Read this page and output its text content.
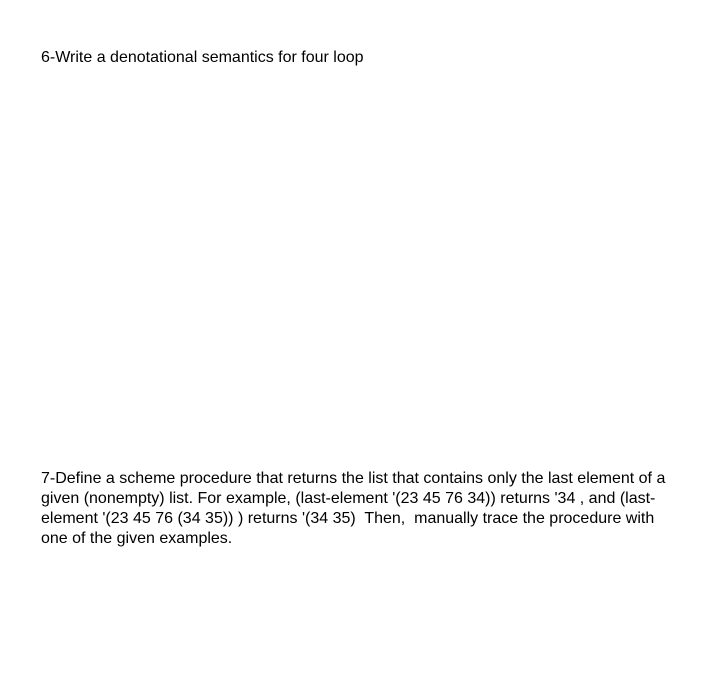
6-Write a denotational semantics for four loop

7-Define a scheme procedure that returns the list that contains only the last element of a
given (nonempty) list. For example, (last-element '(23 45 76 34)) returns '34 , and (last-
element '(23 45 76 (34 35)) ) returns '(34 35)  Then,  manually trace the procedure with
one of the given examples.
